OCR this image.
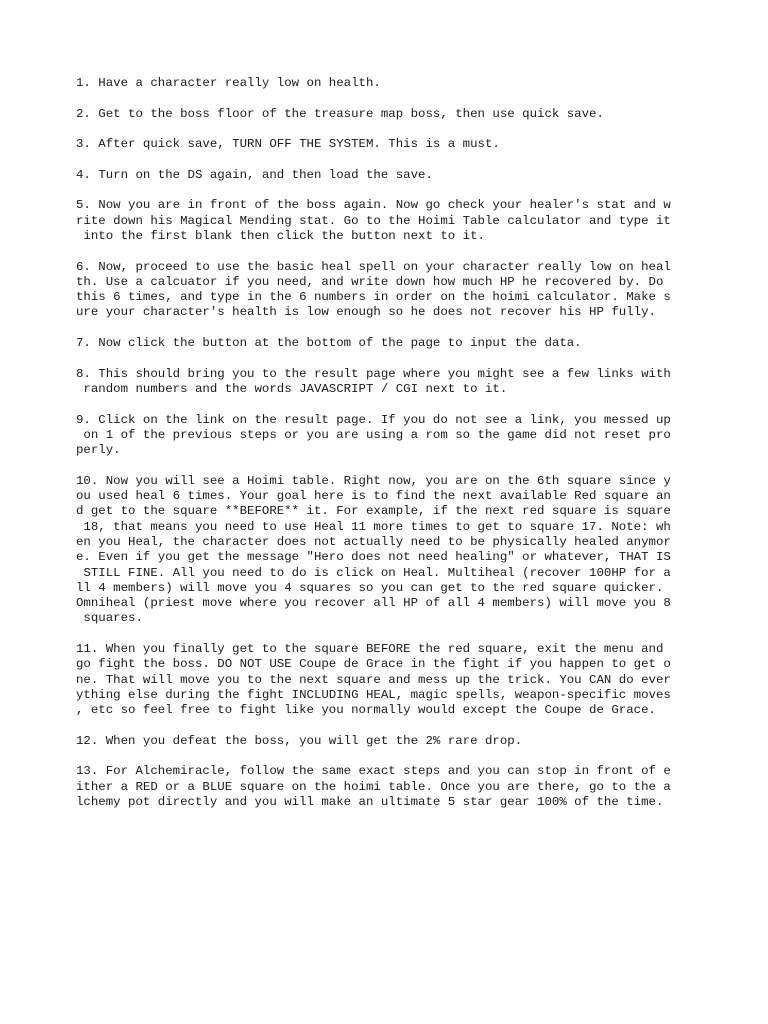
1. Have a character really low on health.
2. Get to the boss floor of the treasure map boss, then use quick save.
3. After quick save, TURN OFF THE SYSTEM. This is a must.
4. Turn on the DS again, and then load the save.
5. Now you are in front of the boss again. Now go check your healer's stat and w
rite down his Magical Mending stat. Go to the Hoimi Table calculator and type it
into the first blank then click the button next to it.
6. Now, proceed to use the basic heal spell on your character really low on heal
th. Use a calcuator if you need, and write down how much HP he recovered by. Do
this 6 times, and type in the 6 numbers in order on the hoimi calculator. Make s
ure your character's health is low enough so he does not recover his HP fully.
7. Now click the button at the bottom of the page to input the data.
8. This should bring you to the result page where you might see a few links with
random numbers and the words JAVASCRIPT / CGI next to it.
9. Click on the link on the result page. If you do not see a link, you messed up
on 1 of the previous steps or you are using a rom so the game did not reset pro
perly.
10. Now you will see a Hoimi table. Right now, you are on the 6th square since y
ou used heal 6 times. Your goal here is to find the next available Red square an
d get to the square **BEFORE** it. For example, if the next red square is square
18, that means you need to use Heal 11 more times to get to square 17. Note: wh
en you Heal, the character does not actually need to be physically healed anymor
e. Even if you get the message "Hero does not need healing" or whatever, THAT IS
STILL FINE. All you need to do is click on Heal. Multiheal (recover 100HP for a
ll 4 members) will move you 4 squares so you can get to the red square quicker.
Omniheal (priest move where you recover all HP of all 4 members) will move you 8
squares.
11. When you finally get to the square BEFORE the red square, exit the menu and
go fight the boss. DO NOT USE Coupe de Grace in the fight if you happen to get o
ne. That will move you to the next square and mess up the trick. You CAN do ever
ything else during the fight INCLUDING HEAL, magic spells, weapon-specific moves
, etc so feel free to fight like you normally would except the Coupe de Grace.
12. When you defeat the boss, you will get the 2% rare drop.
13. For Alchemiracle, follow the same exact steps and you can stop in front of e
ither a RED or a BLUE square on the hoimi table. Once you are there, go to the a
lchemy pot directly and you will make an ultimate 5 star gear 100% of the time.
